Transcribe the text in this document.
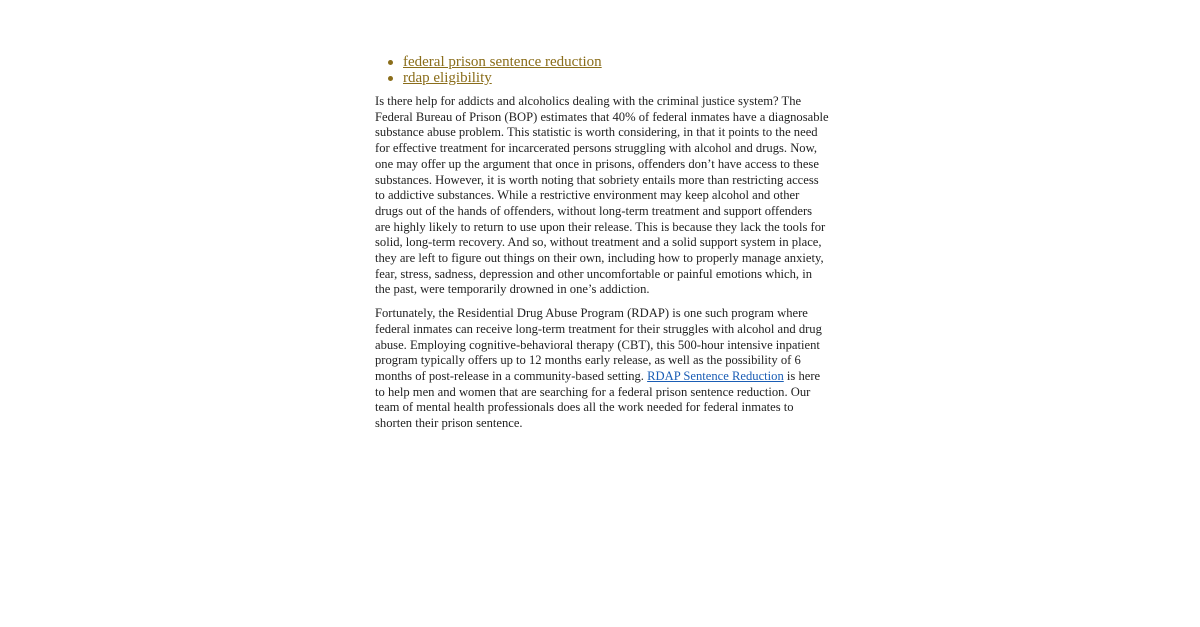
federal prison sentence reduction
rdap eligibility

Is there help for addicts and alcoholics dealing with the criminal justice system? The Federal Bureau of Prison (BOP) estimates that 40% of federal inmates have a diagnosable substance abuse problem. This statistic is worth considering, in that it points to the need for effective treatment for incarcerated persons struggling with alcohol and drugs. Now, one may offer up the argument that once in prisons, offenders don’t have access to these substances. However, it is worth noting that sobriety entails more than restricting access to addictive substances. While a restrictive environment may keep alcohol and other drugs out of the hands of offenders, without long-term treatment and support offenders are highly likely to return to use upon their release. This is because they lack the tools for solid, long-term recovery. And so, without treatment and a solid support system in place, they are left to figure out things on their own, including how to properly manage anxiety, fear, stress, sadness, depression and other uncomfortable or painful emotions which, in the past, were temporarily drowned in one’s addiction.

Fortunately, the Residential Drug Abuse Program (RDAP) is one such program where federal inmates can receive long-term treatment for their struggles with alcohol and drug abuse. Employing cognitive-behavioral therapy (CBT), this 500-hour intensive inpatient program typically offers up to 12 months early release, as well as the possibility of 6 months of post-release in a community-based setting. RDAP Sentence Reduction is here to help men and women that are searching for a federal prison sentence reduction. Our team of mental health professionals does all the work needed for federal inmates to shorten their prison sentence.
